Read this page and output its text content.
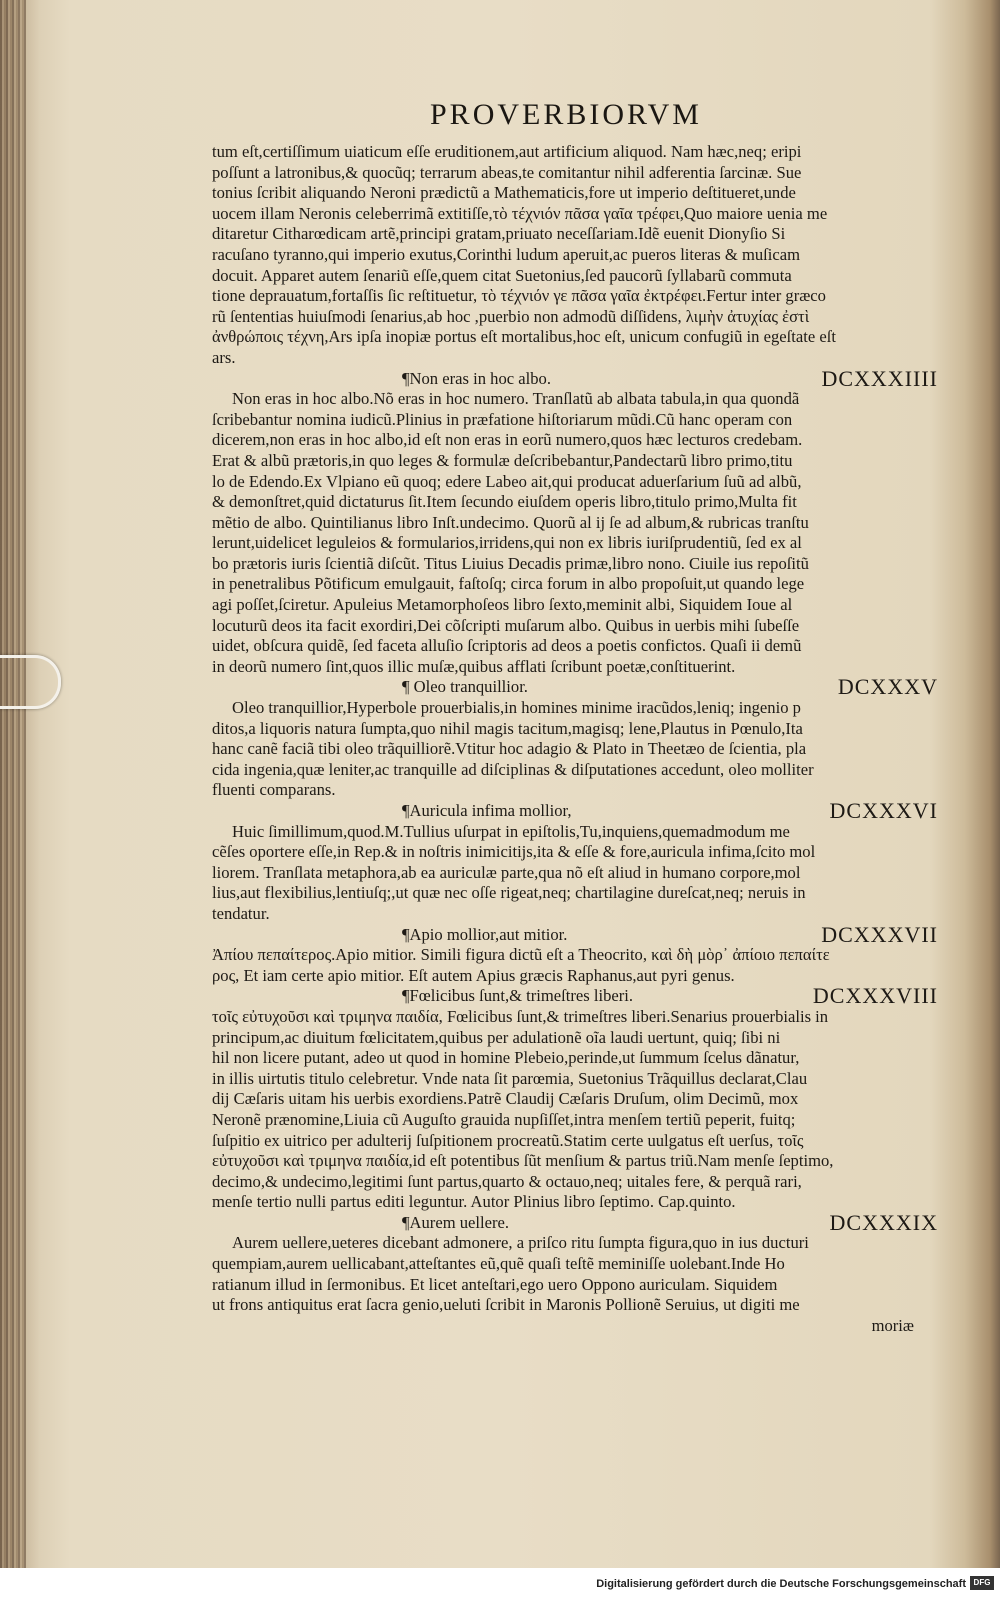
PROVERBIORVM
tum eſt,certiſſimum uiaticum eſſe eruditionem,aut artificium aliquod. Nam hæc,neq; eripi
poſſunt a latronibus,& quocũq; terrarum abeas,te comitantur nihil adferentia ſarcinæ. Sue
tonius ſcribit aliquando Neroni prædictũ a Mathematicis,fore ut imperio deſtitueret,unde
uocem illam Neronis celeberrimã extitiſſe,τὸ τέχνιόν πᾶσα γαῖα τρέφει,Quo maiore uenia me
ditaretur Citharœdicam artẽ,principi gratam,priuato neceſſariam.Idẽ euenit Dionyſio Si
racuſano tyranno,qui imperio exutus,Corinthi ludum aperuit,ac pueros literas & muſicam
docuit. Apparet autem ſenariũ eſſe,quem citat Suetonius,ſed paucorũ ſyllabarũ commuta
tione deprauatum,fortaſſis ſic reſtituetur, τὸ τέχνιόν γε πᾶσα γαῖα ἐκτρέφει.Fertur inter græco
rũ ſententias huiuſmodi ſenarius,ab hoc ,puerbio non admodũ diſſidens, λιμὴν ἀτυχίας ἐστὶ
ἀνθρώποις τέχνη,Ars ipſa inopiæ portus eſt mortalibus,hoc eſt, unicum confugiũ in egeſtate eſt
ars.
¶Non eras in hoc albo.	DCXXXIIII
Non eras in hoc albo.Nõ eras in hoc numero. Tranſlatũ ab albata tabula,in qua quondã
ſcribebantur nomina iudicũ.Plinius in præfatione hiſtoriarum mũdi.Cũ hanc operam con
dicerem,non eras in hoc albo,id eſt non eras in eorũ numero,quos hæc lecturos credebam.
Erat & albũ prætoris,in quo leges & formulæ deſcribebantur,Pandectarũ libro primo,titu
lo de Edendo.Ex Vlpiano eũ quoq; edere Labeo ait,qui producat aduerſarium ſuũ ad albũ,
& demonſtret,quid dictaturus ſit.Item ſecundo eiuſdem operis libro,titulo primo,Multa fit
mẽtio de albo. Quintilianus libro Inſt.undecimo. Quorũ al ij ſe ad album,& rubricas tranſtu
lerunt,uidelicet leguleios & formularios,irridens,qui non ex libris iuriſprudentiũ, ſed ex al
bo prætoris iuris ſcientiã diſcũt. Titus Liuius Decadis primæ,libro nono. Ciuile ius repoſitũ
in penetralibus Põtificum emulgauit, faſtoſq; circa forum in albo propoſuit,ut quando lege
agi poſſet,ſciretur. Apuleius Metamorphoſeos libro ſexto,meminit albi, Siquidem Ioue al
locuturũ deos ita facit exordiri,Dei cõſcripti muſarum albo. Quibus in uerbis mihi ſubeſſe
uidet, obſcura quidẽ, ſed faceta alluſio ſcriptoris ad deos a poetis confictos. Quaſi ii demũ
in deorũ numero ſint,quos illic muſæ,quibus afflati ſcribunt poetæ,conſtituerint.
¶ Oleo tranquillior.	DCXXXV
Oleo tranquillior,Hyperbole prouerbialis,in homines minime iracũdos,leniq; ingenio p
ditos,a liquoris natura ſumpta,quo nihil magis tacitum,magisq; lene,Plautus in Pœnulo,Ita
hanc canẽ faciã tibi oleo trãquilliorẽ.Vtitur hoc adagio & Plato in Theetæo de ſcientia, pla
cida ingenia,quæ leniter,ac tranquille ad diſciplinas & diſputationes accedunt, oleo molliter
fluenti comparans.
¶Auricula infima mollior,	DCXXXVI
Huic ſimillimum,quod.M.Tullius uſurpat in epiſtolis,Tu,inquiens,quemadmodum me
cẽſes oportere eſſe,in Rep.& in noſtris inimicitijs,ita & eſſe & fore,auricula infima,ſcito mol
liorem. Tranſlata metaphora,ab ea auriculæ parte,qua nõ eſt aliud in humano corpore,mol
lius,aut flexibilius,lentiuſq;,ut quæ nec oſſe rigeat,neq; chartilagine dureſcat,neq; neruis in
tendatur.
¶Apio mollior,aut mitior.	DCXXXVII
Ἀπίου πεπαίτερος.Apio mitior. Simili figura dictũ eſt a Theocrito, καὶ δὴ μὸρ᾽ ἀπίοιο πεπαίτε
ρος, Et iam certe apio mitior. Eſt autem Apius græcis Raphanus,aut pyri genus.
¶Fœlicibus ſunt,& trimeſtres liberi.	DCXXXVIII
τοῖς εὐτυχοῦσι καὶ τριμηνα παιδία, Fœlicibus ſunt,& trimeſtres liberi.Senarius prouerbialis in
principum,ac diuitum fœlicitatem,quibus per adulationẽ oĩa laudi uertunt, quiq; ſibi ni
hil non licere putant, adeo ut quod in homine Plebeio,perinde,ut ſummum ſcelus dãnatur,
in illis uirtutis titulo celebretur. Vnde nata ſit parœmia, Suetonius Trãquillus declarat,Clau
dij Cæſaris uitam his uerbis exordiens.Patrẽ Claudij Cæſaris Druſum, olim Decimũ, mox
Neronẽ prænomine,Liuia cũ Auguſto grauida nupſiſſet,intra menſem tertiũ peperit, fuitq;
ſuſpitio ex uitrico per adulterij ſuſpitionem procreatũ.Statim certe uulgatus eſt uerſus, τοῖς
εὐτυχοῦσι καὶ τριμηνα παιδία,id eſt potentibus ſũt menſium & partus triũ.Nam menſe ſeptimo,
decimo,& undecimo,legitimi ſunt partus,quarto & octauo,neq; uitales fere, & perquã rari,
menſe tertio nulli partus editi leguntur. Autor Plinius libro ſeptimo. Cap.quinto.
¶Aurem uellere.	DCXXXIX
Aurem uellere,ueteres dicebant admonere, a priſco ritu ſumpta figura,quo in ius ducturi
quempiam,aurem uellicabant,atteſtantes eũ,quẽ quaſi teſtẽ meminiſſe uolebant.Inde Ho
ratianum illud in ſermonibus. Et licet anteſtari,ego uero Oppono auriculam. Siquidem
ut frons antiquitus erat ſacra genio,ueluti ſcribit in Maronis Pollionẽ Seruius, ut digiti me
moriæ
Digitalisierung gefördert durch die Deutsche Forschungsgemeinschaft DFG
